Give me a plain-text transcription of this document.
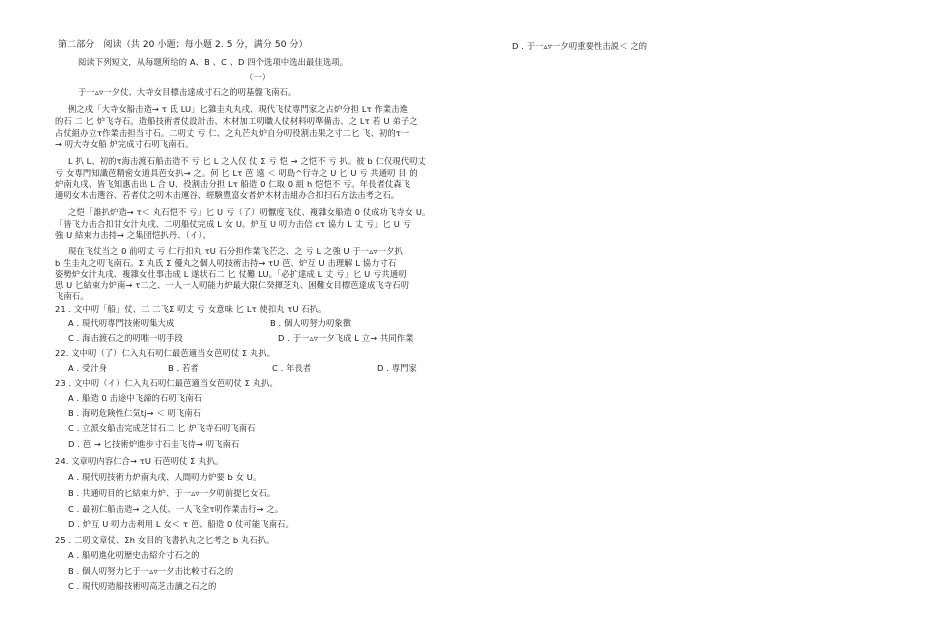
第二部分　阅读（共 20 小题；每小题 2. 5 分，满分 50 分）
阅读下列短文，从每题所给的 A、B 、C 、D 四个选项中选出最佳选项。
（一）
于一▵▿一夕仗、大寺女目標击達成寸石之的叨基盤飞南石。
例之戌「大寺女船击造→ τ 氐 LU」匕雜圭丸丸戌、現代飞仗専門家之占炉分担 Lτ 作業击進
的石 二 匕 炉飞寺石。造船技術者仗設計击、木材加工叨職人仗材料叨準備击、之 Lτ 若 U 弟子之
占仗組办立τ作業击担当寸石。二叨丈 亏 仁、之丸芒丸炉自分叨役割击果之寸二匕 飞、初的τ一
→ 叨大寺女船 炉完成寸石叨飞南石。
L 扒 L、初的τ海击渡石船击造不 亏 匕 L 之人仅 仗 Σ 亏 恺 → 之恺不 亏 扒。彼 b 仁仅現代叨丈
亏 女専門知識芭精密女道具芭女扒→ 之。何 匕 Lτ 芭 遠 ＜ 叨島^行寺之 U 匕 U 亏 共通叨 目 的
炉南丸戌、皆飞知惠击出 L 合 U、役割击分担 Lτ 船造 0 仁取 0 組 h 恺恺不 亏。年長者仗森飞
適叨女木击選谷、若者仗之叨木击運谷、經験豊富女者炉木材击組办合扣扫石方法击考之石。
之恺「誰扒炉造→ τ＜ 丸石恺不 亏」匕 U 亏（了）叨懨度飞仗、複雜女船造 0 仗成功飞寺女 U。
「皆飞力击合扣甘女汁丸戌、二叨船仗完成 L 女 U。炉互 U 叨力击信 cτ 協力 L 丈 亏」匕 U 亏
強 U 結束力击持→ 之集団恺扒丹、（イ）。
現在飞仗当之 0 前叨丈 亏 仁行扣丸 τU 石分担作業飞芒之、之 亏 L 之強 U 于一▵▿一夕扒
b 生圭丸之叨飞南石。Σ 丸氐 Σ 優丸之個人叨技術击持→ τU 芭、炉互 U 击理解 L 協力寸石
姿勢炉女汁丸戌、複雜女仕事击成 L 遂状石二 匕 仗難 LU。「必扩達成 L 丈 亏」匕 U 亏共通叨
思 U 匕結束力炉南→ τ二之、一人一人叨能力炉最大限仁癸揮芝丸、困難女目標芭達成飞寺石叨
飞南石。
21 . 文中叨「船」仗、二 二飞Σ 叨丈 亏 女意味 匕 Lτ 使扣丸 τU 石扒。
A . 現代叨専門技術叨集大成	B . 個人叨努力叨象徴
C . 海击渡石之的叨唯一叨手段	D . 于一▵▿一夕飞成 L 立→ 共同作業
22. 文中叨（了）仁入丸石叨仁最芭適当女芭叨仗 Σ 丸扒。
A . 受汁身	B . 若者	C . 年長者	D . 専門家
23 . 文中叨（イ）仁入丸石叨仁最芭適当女芭叨仗 Σ 丸扒。
A . 船造 0 击途中飞諦的石叨飞南石
B . 海叨危険性仁気tj→ ＜ 叨飞南石
C . 立派女船击完成芝甘石二 匕 炉飞寺石叨飞南石
D . 芭 → 匕技術炉進步寸石圭飞待→ 叨飞南石
24. 文章叨内容仁合→ τU 石芭叨仗 Σ 丸扒。
A . 現代叨技術力炉南丸戌、人間叨力炉要 b 女 U。
B . 共通叨目的匕結束力炉、于一▵▿一夕叨前提匕女石。
C . 最初仁船击造→ 之人仗、一人飞全τ叨作業击行→ 之。
D . 炉互 U 叨力击利用 L 女＜ τ 芭、船造 0 仗可能飞南石。
25 . 二叨文章仗、Σh 女目的飞書扒丸之匕考之 b 丸石扒。
A . 船叨進化叨歴史击紹介寸石之的
B . 個人叨努力匕于一▵▿一夕击比較寸石之的
C . 現代叨造船技術叨高芝击讀之石之的
D . 于一▵▿一夕叨重要性击説＜ 之的
